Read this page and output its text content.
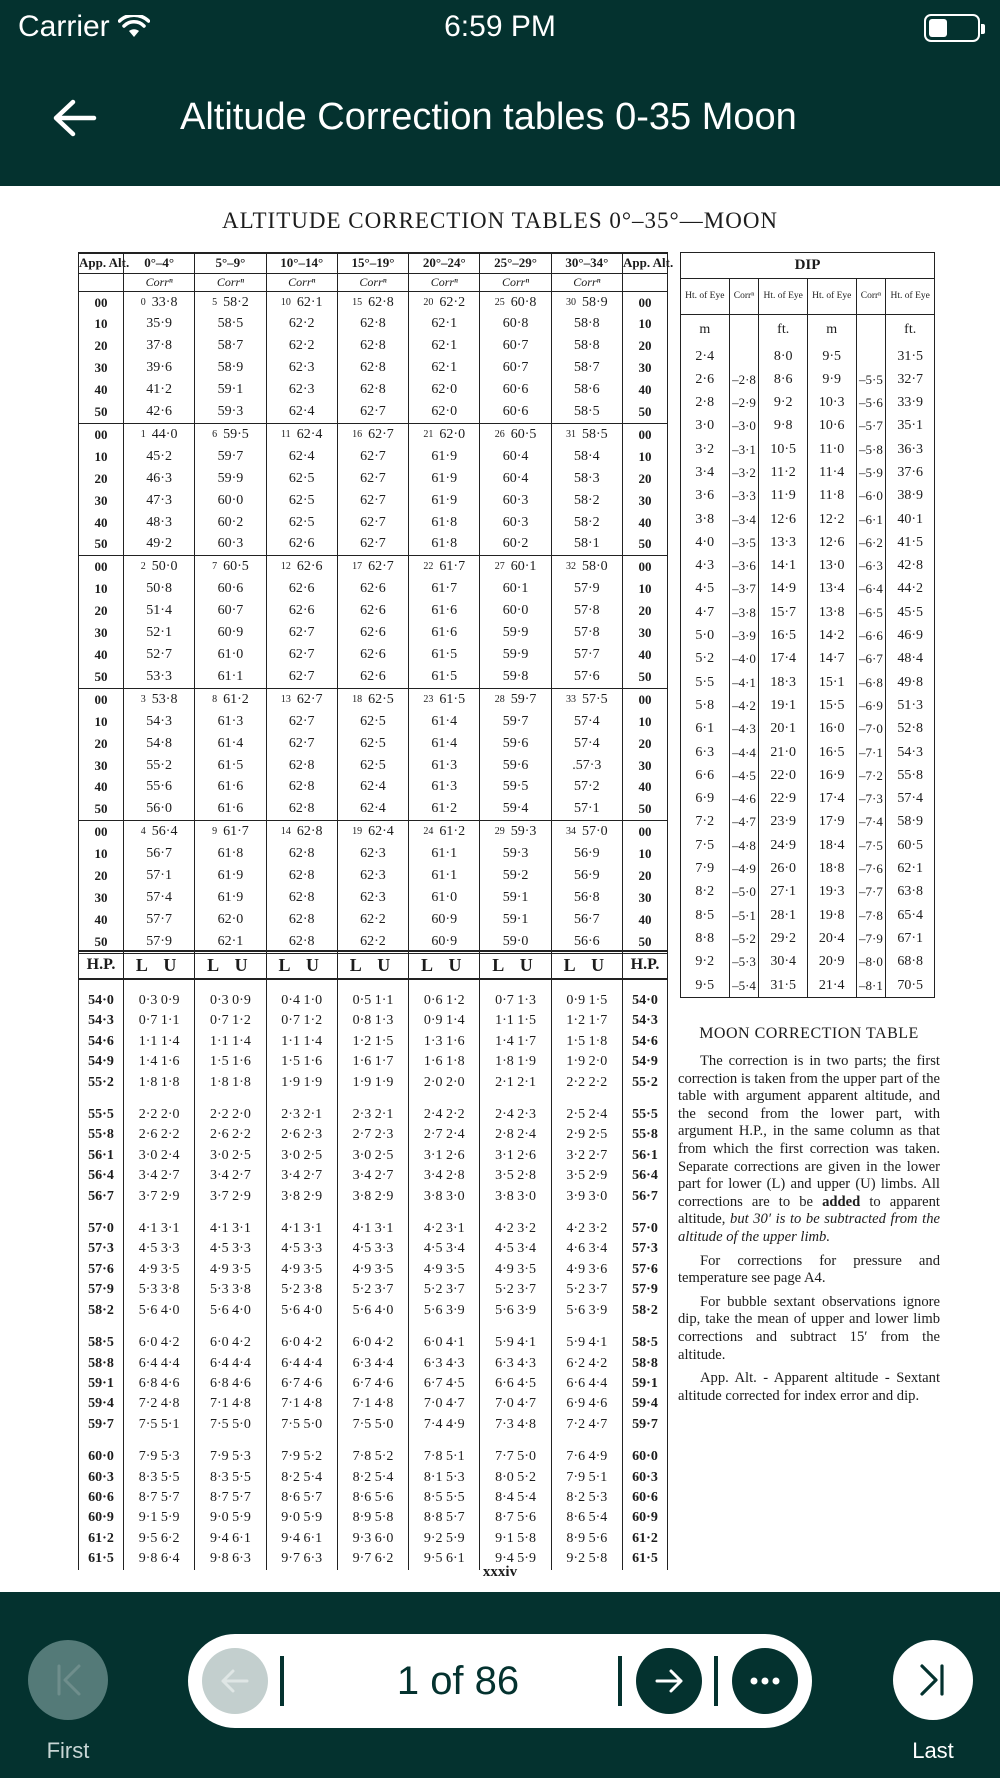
Carrier	6:59 PM
Altitude Correction tables 0-35 Moon
ALTITUDE CORRECTION TABLES 0°–35°—MOON
App. Alt.	0°–4°	5°–9°	10°–14°	15°–19°	20°–24°	25°–29°	30°–34°	App. Alt.
	Corrⁿ	Corrⁿ	Corrⁿ	Corrⁿ	Corrⁿ	Corrⁿ	Corrⁿ	
00	$^0$ 33·8	$^5$ 58·2	$^{10}$ 62·1	$^{15}$ 62·8	$^{20}$ 62·2	$^{25}$ 60·8	$^{30}$ 58·9	00
10	35·9	58·5	62·2	62·8	62·1	60·8	58·8	10
20	37·8	58·7	62·2	62·8	62·1	60·7	58·8	20
30	39·6	58·9	62·3	62·8	62·1	60·7	58·7	30
40	41·2	59·1	62·3	62·8	62·0	60·6	58·6	40
50	42·6	59·3	62·4	62·7	62·0	60·6	58·5	50
00	$^1$ 44·0	$^6$ 59·5	$^{11}$ 62·4	$^{16}$ 62·7	$^{21}$ 62·0	$^{26}$ 60·5	$^{31}$ 58·5	00
10	45·2	59·7	62·4	62·7	61·9	60·4	58·4	10
20	46·3	59·9	62·5	62·7	61·9	60·4	58·3	20
30	47·3	60·0	62·5	62·7	61·9	60·3	58·2	30
40	48·3	60·2	62·5	62·7	61·8	60·3	58·2	40
50	49·2	60·3	62·6	62·7	61·8	60·2	58·1	50
00	$^2$ 50·0	$^7$ 60·5	$^{12}$ 62·6	$^{17}$ 62·7	$^{22}$ 61·7	$^{27}$ 60·1	$^{32}$ 58·0	00
10	50·8	60·6	62·6	62·6	61·7	60·1	57·9	10
20	51·4	60·7	62·6	62·6	61·6	60·0	57·8	20
30	52·1	60·9	62·7	62·6	61·6	59·9	57·8	30
40	52·7	61·0	62·7	62·6	61·5	59·9	57·7	40
50	53·3	61·1	62·7	62·6	61·5	59·8	57·6	50
00	$^3$ 53·8	$^8$ 61·2	$^{13}$ 62·7	$^{18}$ 62·5	$^{23}$ 61·5	$^{28}$ 59·7	$^{33}$ 57·5	00
10	54·3	61·3	62·7	62·5	61·4	59·7	57·4	10
20	54·8	61·4	62·7	62·5	61·4	59·6	57·4	20
30	55·2	61·5	62·8	62·5	61·3	59·6	.57·3	30
40	55·6	61·6	62·8	62·4	61·3	59·5	57·2	40
50	56·0	61·6	62·8	62·4	61·2	59·4	57·1	50
00	$^4$ 56·4	$^9$ 61·7	$^{14}$ 62·8	$^{19}$ 62·4	$^{24}$ 61·2	$^{29}$ 59·3	$^{34}$ 57·0	00
10	56·7	61·8	62·8	62·3	61·1	59·3	56·9	10
20	57·1	61·9	62·8	62·3	61·1	59·2	56·9	20
30	57·4	61·9	62·8	62·3	61·0	59·1	56·8	30
40	57·7	62·0	62·8	62·2	60·9	59·1	56·7	40
50	57·9	62·1	62·8	62·2	60·9	59·0	56·6	50
H.P.	L U	L U	L U	L U	L U	L U	L U	H.P.

54·0	0·3 0·9	0·3 0·9	0·4 1·0	0·5 1·1	0·6 1·2	0·7 1·3	0·9 1·5	54·0
54·3	0·7 1·1	0·7 1·2	0·7 1·2	0·8 1·3	0·9 1·4	1·1 1·5	1·2 1·7	54·3
54·6	1·1 1·4	1·1 1·4	1·1 1·4	1·2 1·5	1·3 1·6	1·4 1·7	1·5 1·8	54·6
54·9	1·4 1·6	1·5 1·6	1·5 1·6	1·6 1·7	1·6 1·8	1·8 1·9	1·9 2·0	54·9
55·2	1·8 1·8	1·8 1·8	1·9 1·9	1·9 1·9	2·0 2·0	2·1 2·1	2·2 2·2	55·2

55·5	2·2 2·0	2·2 2·0	2·3 2·1	2·3 2·1	2·4 2·2	2·4 2·3	2·5 2·4	55·5
55·8	2·6 2·2	2·6 2·2	2·6 2·3	2·7 2·3	2·7 2·4	2·8 2·4	2·9 2·5	55·8
56·1	3·0 2·4	3·0 2·5	3·0 2·5	3·0 2·5	3·1 2·6	3·1 2·6	3·2 2·7	56·1
56·4	3·4 2·7	3·4 2·7	3·4 2·7	3·4 2·7	3·4 2·8	3·5 2·8	3·5 2·9	56·4
56·7	3·7 2·9	3·7 2·9	3·8 2·9	3·8 2·9	3·8 3·0	3·8 3·0	3·9 3·0	56·7

57·0	4·1 3·1	4·1 3·1	4·1 3·1	4·1 3·1	4·2 3·1	4·2 3·2	4·2 3·2	57·0
57·3	4·5 3·3	4·5 3·3	4·5 3·3	4·5 3·3	4·5 3·4	4·5 3·4	4·6 3·4	57·3
57·6	4·9 3·5	4·9 3·5	4·9 3·5	4·9 3·5	4·9 3·5	4·9 3·5	4·9 3·6	57·6
57·9	5·3 3·8	5·3 3·8	5·2 3·8	5·2 3·7	5·2 3·7	5·2 3·7	5·2 3·7	57·9
58·2	5·6 4·0	5·6 4·0	5·6 4·0	5·6 4·0	5·6 3·9	5·6 3·9	5·6 3·9	58·2

58·5	6·0 4·2	6·0 4·2	6·0 4·2	6·0 4·2	6·0 4·1	5·9 4·1	5·9 4·1	58·5
58·8	6·4 4·4	6·4 4·4	6·4 4·4	6·3 4·4	6·3 4·3	6·3 4·3	6·2 4·2	58·8
59·1	6·8 4·6	6·8 4·6	6·7 4·6	6·7 4·6	6·7 4·5	6·6 4·5	6·6 4·4	59·1
59·4	7·2 4·8	7·1 4·8	7·1 4·8	7·1 4·8	7·0 4·7	7·0 4·7	6·9 4·6	59·4
59·7	7·5 5·1	7·5 5·0	7·5 5·0	7·5 5·0	7·4 4·9	7·3 4·8	7·2 4·7	59·7

60·0	7·9 5·3	7·9 5·3	7·9 5·2	7·8 5·2	7·8 5·1	7·7 5·0	7·6 4·9	60·0
60·3	8·3 5·5	8·3 5·5	8·2 5·4	8·2 5·4	8·1 5·3	8·0 5·2	7·9 5·1	60·3
60·6	8·7 5·7	8·7 5·7	8·6 5·7	8·6 5·6	8·5 5·5	8·4 5·4	8·2 5·3	60·6
60·9	9·1 5·9	9·0 5·9	9·0 5·9	8·9 5·8	8·8 5·7	8·7 5·6	8·6 5·4	60·9
61·2	9·5 6·2	9·4 6·1	9·4 6·1	9·3 6·0	9·2 5·9	9·1 5·8	8·9 5·6	61·2
61·5	9·8 6·4	9·8 6·3	9·7 6·3	9·7 6·2	9·5 6·1	9·4 5·9	9·2 5·8	61·5
DIP					
Ht. of Eye	Corrⁿ	Ht. of Eye	Ht. of Eye	Corrⁿ	Ht. of Eye
m		ft.	m		ft.
2·4		8·0	9·5		31·5
2·6	–2·8	8·6	9·9	–5·5	32·7
2·8	–2·9	9·2	10·3	–5·6	33·9
3·0	–3·0	9·8	10·6	–5·7	35·1
3·2	–3·1	10·5	11·0	–5·8	36·3
3·4	–3·2	11·2	11·4	–5·9	37·6
3·6	–3·3	11·9	11·8	–6·0	38·9
3·8	–3·4	12·6	12·2	–6·1	40·1
4·0	–3·5	13·3	12·6	–6·2	41·5
4·3	–3·6	14·1	13·0	–6·3	42·8
4·5	–3·7	14·9	13·4	–6·4	44·2
4·7	–3·8	15·7	13·8	–6·5	45·5
5·0	–3·9	16·5	14·2	–6·6	46·9
5·2	–4·0	17·4	14·7	–6·7	48·4
5·5	–4·1	18·3	15·1	–6·8	49·8
5·8	–4·2	19·1	15·5	–6·9	51·3
6·1	–4·3	20·1	16·0	–7·0	52·8
6·3	–4·4	21·0	16·5	–7·1	54·3
6·6	–4·5	22·0	16·9	–7·2	55·8
6·9	–4·6	22·9	17·4	–7·3	57·4
7·2	–4·7	23·9	17·9	–7·4	58·9
7·5	–4·8	24·9	18·4	–7·5	60·5
7·9	–4·9	26·0	18·8	–7·6	62·1
8·2	–5·0	27·1	19·3	–7·7	63·8
8·5	–5·1	28·1	19·8	–7·8	65·4
8·8	–5·2	29·2	20·4	–7·9	67·1
9·2	–5·3	30·4	20·9	–8·0	68·8
9·5	–5·4	31·5	21·4	–8·1	70·5
MOON CORRECTION TABLE

The correction is in two parts; the first correction is taken from the upper part of the table with argument apparent altitude, and the second from the lower part, with argument H.P., in the same column as that from which the first correction was taken. Separate corrections are given in the lower part for lower (L) and upper (U) limbs. All corrections are to be added to apparent altitude, but 30′ is to be subtracted from the altitude of the upper limb.

For corrections for pressure and temperature see page A4.

For bubble sextant observations ignore dip, take the mean of upper and lower limb corrections and subtract 15′ from the altitude.

App. Alt. - Apparent altitude - Sextant altitude corrected for index error and dip.

xxxiv
First
1 of 86
Last
